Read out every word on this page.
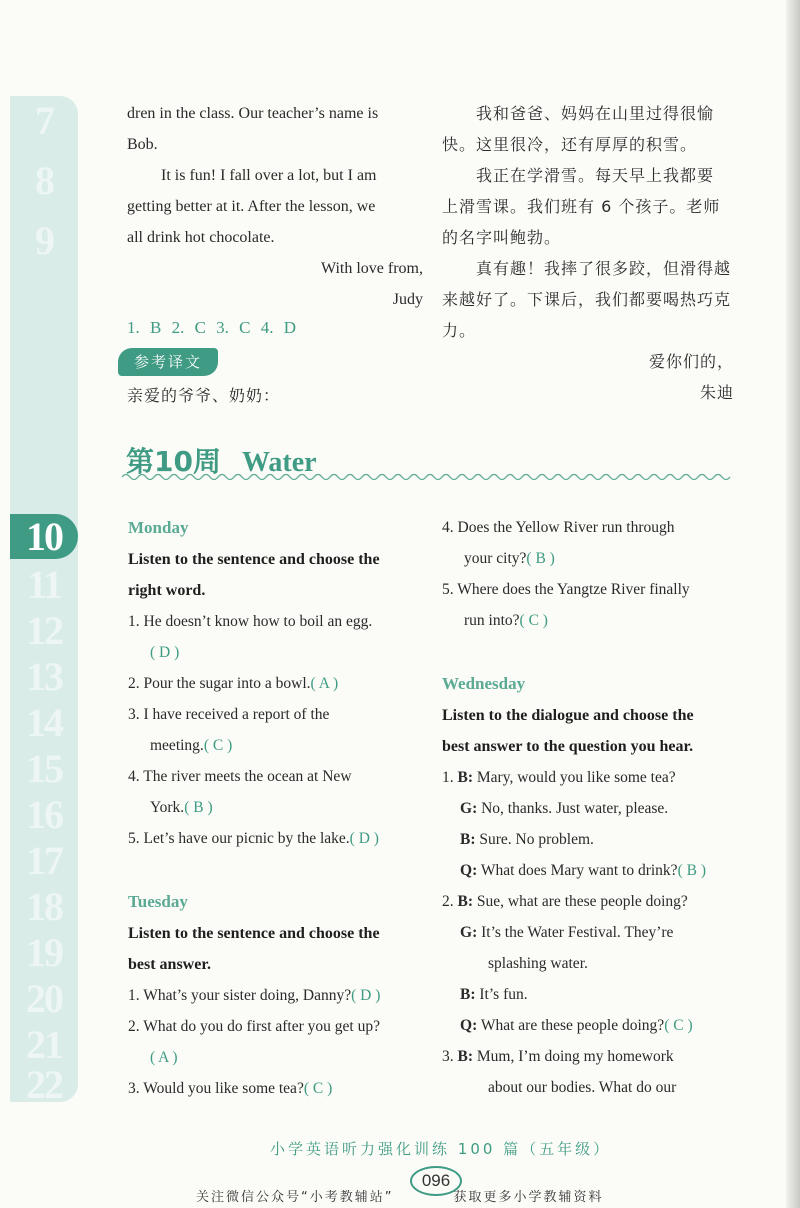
7
8
9
10
11
12
13
14
15
16
17
18
19
20
21
22
dren in the class. Our teacher’s name is
Bob.
It is fun! I fall over a lot, but I am
getting better at it. After the lesson, we
all drink hot chocolate.
With love from,
Judy
1. B 2. C 3. C 4. D
参考译文
亲爱的爷爷、奶奶：
我和爸爸、妈妈在山里过得很愉
快。这里很冷，还有厚厚的积雪。
我正在学滑雪。每天早上我都要
上滑雪课。我们班有 6 个孩子。老师
的名字叫鲍勃。
真有趣！我摔了很多跤，但滑得越
来越好了。下课后，我们都要喝热巧克
力。
爱你们的，
朱迪
第10周 Water
Monday
Listen to the sentence and choose the
right word.
1. He doesn’t know how to boil an egg.
( D )
2. Pour the sugar into a bowl.( A )
3. I have received a report of the
meeting.( C )
4. The river meets the ocean at New
York.( B )
5. Let’s have our picnic by the lake.( D )
Tuesday
Listen to the sentence and choose the
best answer.
1. What’s your sister doing, Danny?( D )
2. What do you do first after you get up?
( A )
3. Would you like some tea?( C )
4. Does the Yellow River run through
your city?( B )
5. Where does the Yangtze River finally
run into?( C )
Wednesday
Listen to the dialogue and choose the
best answer to the question you hear.
1. B: Mary, would you like some tea?
G: No, thanks. Just water, please.
B: Sure. No problem.
Q: What does Mary want to drink?( B )
2. B: Sue, what are these people doing?
G: It’s the Water Festival. They’re
splashing water.
B: It’s fun.
Q: What are these people doing?( C )
3. B: Mum, I’m doing my homework
about our bodies. What do our
小学英语听力强化训练 100 篇（五年级）
096
关注微信公众号“小考教辅站”	获取更多小学教辅资料
